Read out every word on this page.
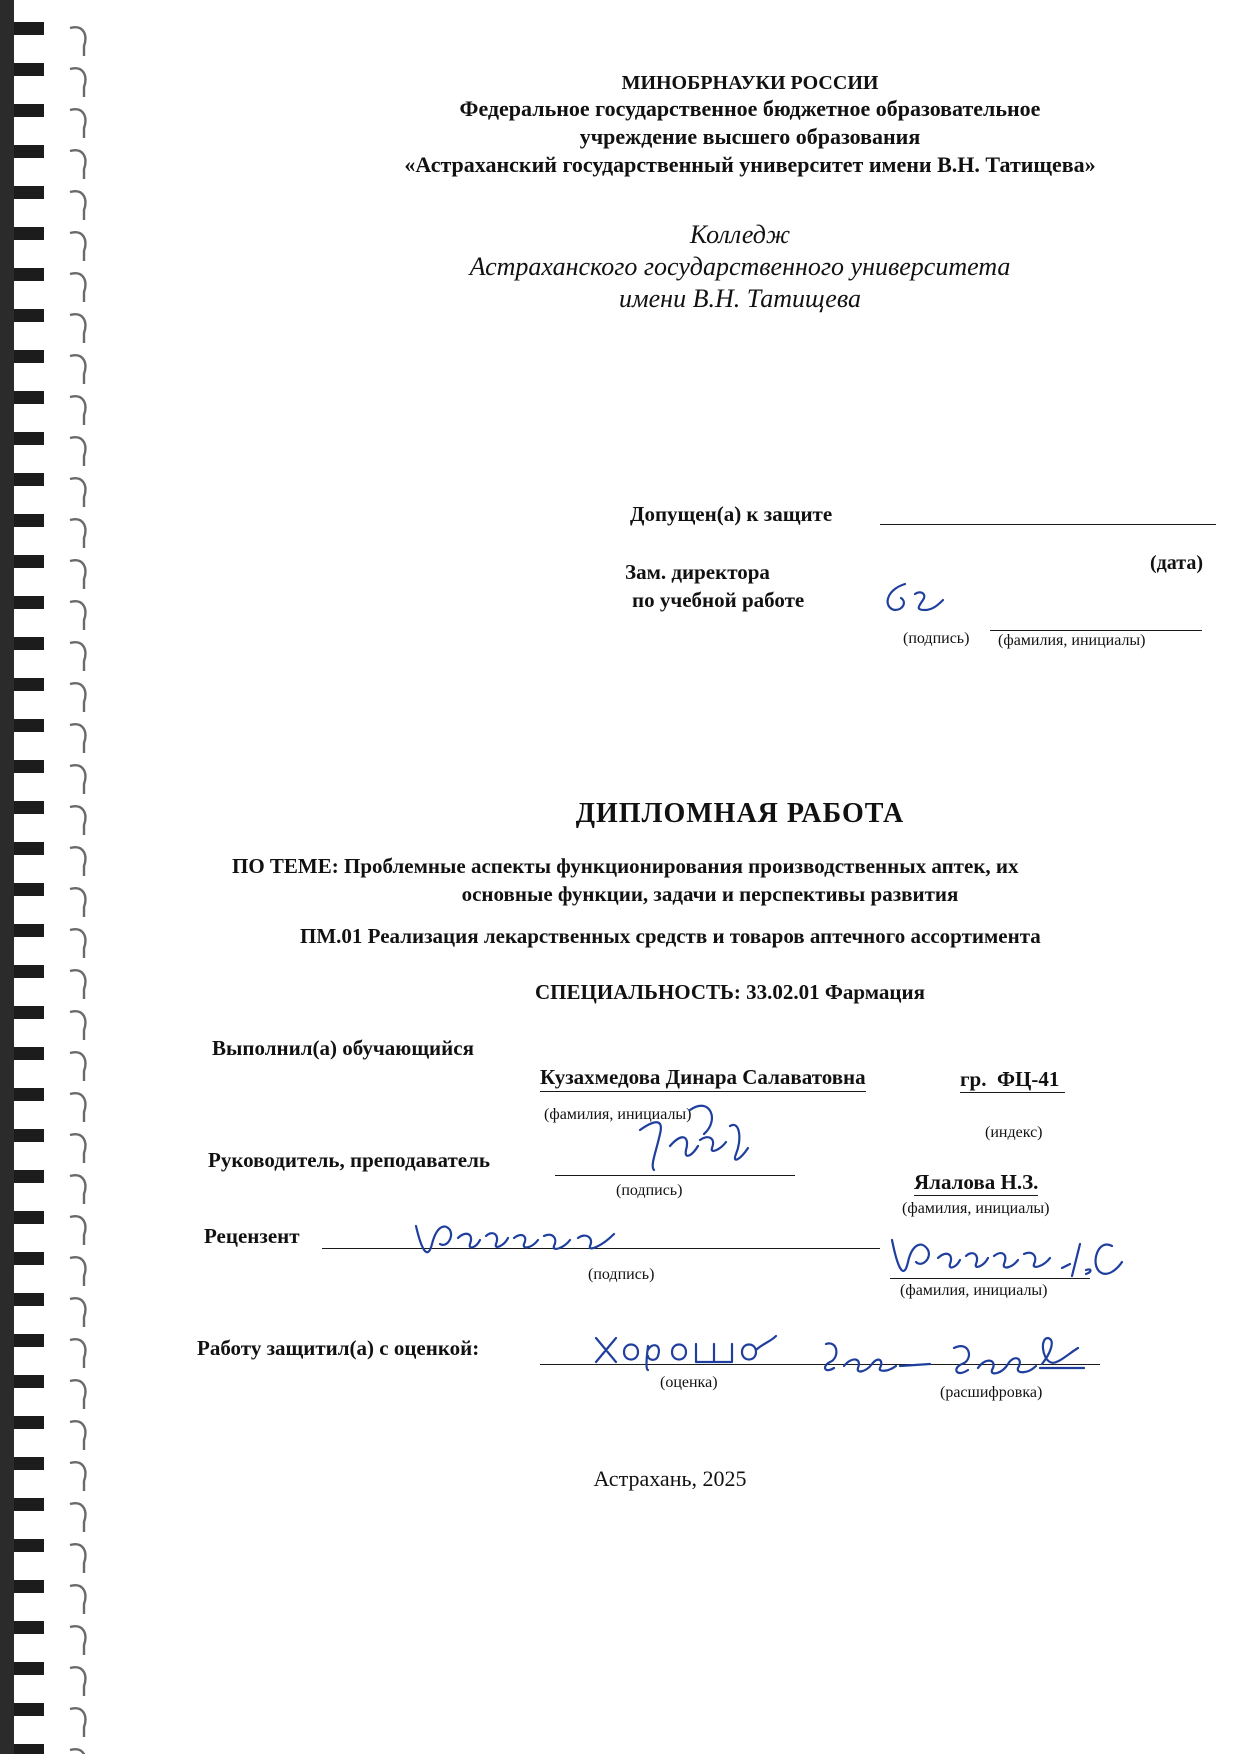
МИНОБРНАУКИ РОССИИ
Федеральное государственное бюджетное образовательное
учреждение высшего образования
«Астраханский государственный университет имени В.Н. Татищева»
Колледж
Астраханского государственного университета
имени В.Н. Татищева
Допущен(а) к защите
(дата)
Зам. директора
по учебной работе
(подпись) (фамилия, инициалы)
ДИПЛОМНАЯ РАБОТА
ПО ТЕМЕ: Проблемные аспекты функционирования производственных аптек, их
основные функции, задачи и перспективы развития
ПМ.01 Реализация лекарственных средств и товаров аптечного ассортимента
СПЕЦИАЛЬНОСТЬ: 33.02.01 Фармация
Выполнил(а) обучающийся
Кузахмедова Динара Салаватовна	гр. ФЦ-41
(фамилия, инициалы)
(индекс)
Руководитель, преподаватель
(подпись)	Ялалова Н.З.
(фамилия, инициалы)
Рецензент
(подпись)
(фамилия, инициалы)
Работу защитил(а) с оценкой:
(оценка)
(расшифровка)
Астрахань, 2025
